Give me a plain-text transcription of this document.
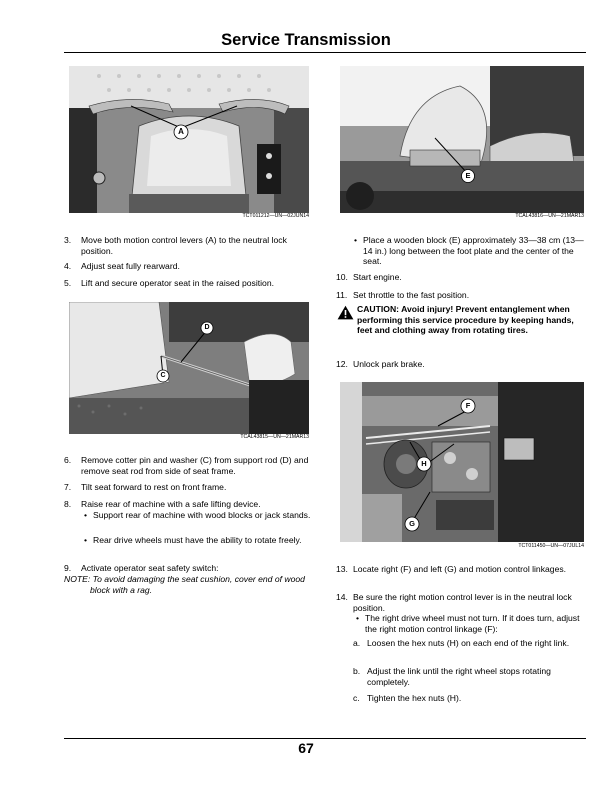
Service Transmission
A
TCT011212—UN—02JUN14
E
TCAL43816—UN—21MAR13
3. Move both motion control levers (A) to the neutral lock position.
4. Adjust seat fully rearward.
5. Lift and secure operator seat in the raised position.
D
C
TCAL43815—UN—21MAR13
6. Remove cotter pin and washer (C) from support rod (D) and remove seat rod from side of seat frame.
7. Tilt seat forward to rest on front frame.
8. Raise rear of machine with a safe lifting device.
• Support rear of machine with wood blocks or jack stands.
• Rear drive wheels must have the ability to rotate freely.
9. Activate operator seat safety switch:
NOTE: To avoid damaging the seat cushion, cover end of wood block with a rag.
• Place a wooden block (E) approximately 33—38 cm (13—14 in.) long between the foot plate and the center of the seat.
10. Start engine.
11. Set throttle to the fast position.
CAUTION: Avoid injury! Prevent entanglement when performing this service procedure by keeping hands, feet and clothing away from rotating tires.
12. Unlock park brake.
F
H
G
TCT011450—UN—07JUL14
13. Locate right (F) and left (G) and motion control linkages.
14. Be sure the right motion control lever is in the neutral lock position.
• The right drive wheel must not turn. If it does turn, adjust the right motion control linkage (F):
a. Loosen the hex nuts (H) on each end of the right link.
b. Adjust the link until the right wheel stops rotating completely.
c. Tighten the hex nuts (H).
67
